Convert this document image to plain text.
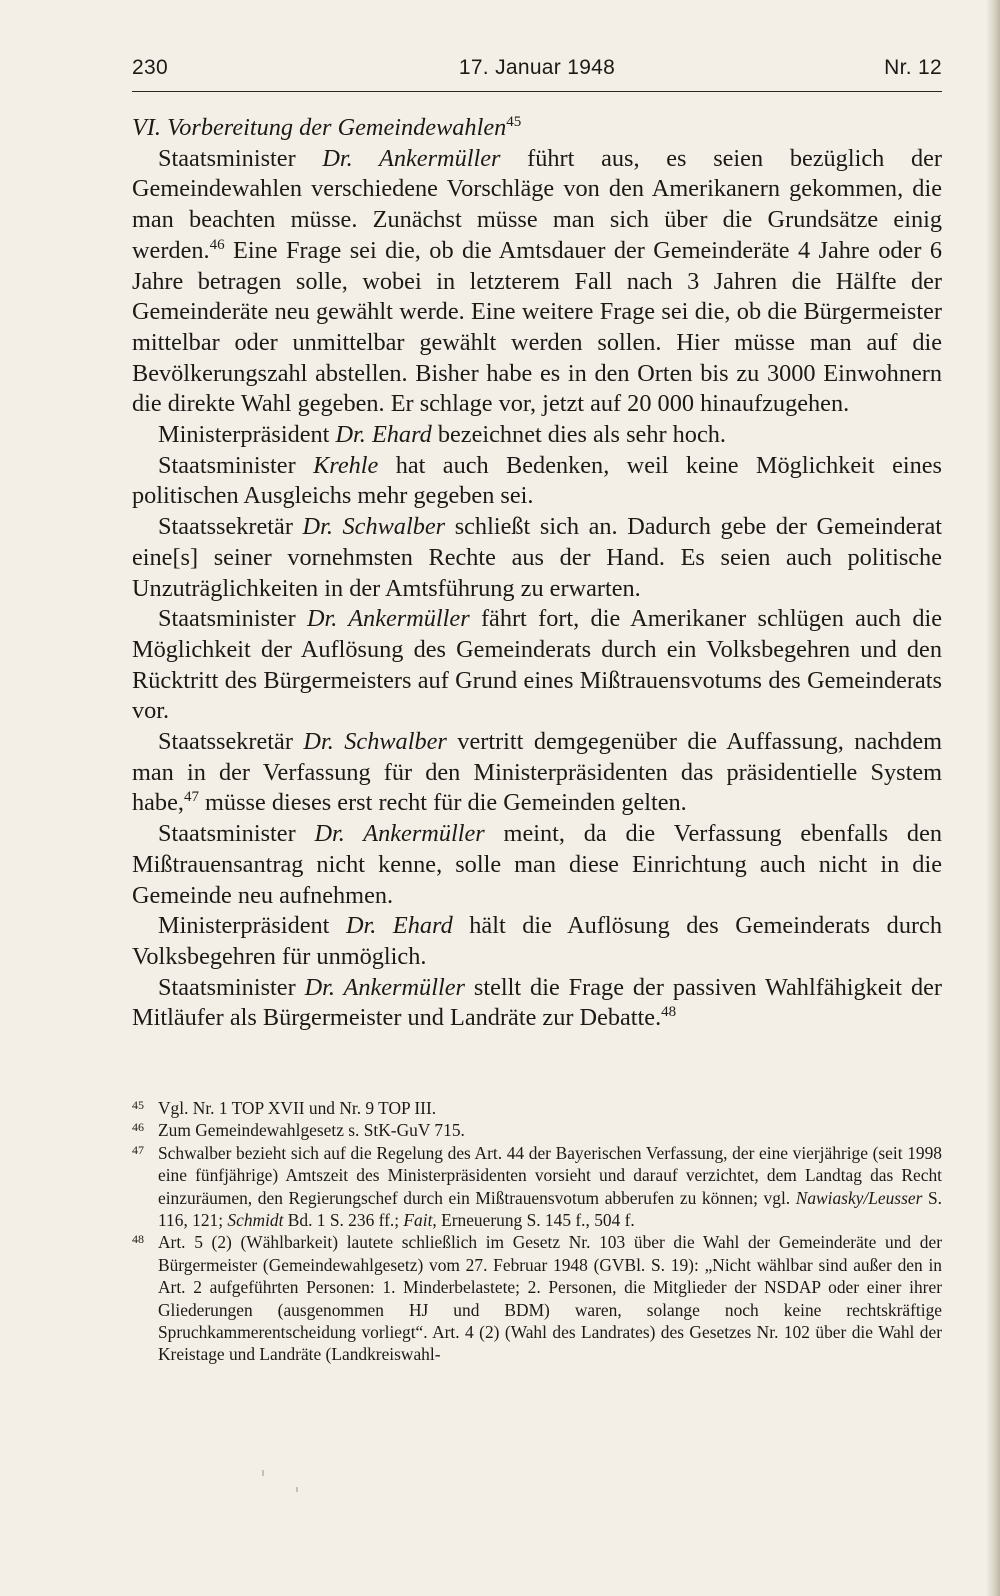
230	17. Januar 1948	Nr. 12

VI. Vorbereitung der Gemeindewahlen$^{45}$

Staatsminister Dr. Ankermüller führt aus, es seien bezüglich der Gemeindewahlen verschiedene Vorschläge von den Amerikanern gekommen, die man beachten müsse. Zunächst müsse man sich über die Grundsätze einig werden.$^{46}$ Eine Frage sei die, ob die Amtsdauer der Gemeinderäte 4 Jahre oder 6 Jahre betragen solle, wobei in letzterem Fall nach 3 Jahren die Hälfte der Gemeinderäte neu gewählt werde. Eine weitere Frage sei die, ob die Bürgermeister mittelbar oder unmittelbar gewählt werden sollen. Hier müsse man auf die Bevölkerungszahl abstellen. Bisher habe es in den Orten bis zu 3000 Einwohnern die direkte Wahl gegeben. Er schlage vor, jetzt auf 20 000 hinaufzugehen.

Ministerpräsident Dr. Ehard bezeichnet dies als sehr hoch.

Staatsminister Krehle hat auch Bedenken, weil keine Möglichkeit eines politischen Ausgleichs mehr gegeben sei.

Staatssekretär Dr. Schwalber schließt sich an. Dadurch gebe der Gemeinderat eine[s] seiner vornehmsten Rechte aus der Hand. Es seien auch politische Unzuträglichkeiten in der Amtsführung zu erwarten.

Staatsminister Dr. Ankermüller fährt fort, die Amerikaner schlügen auch die Möglichkeit der Auflösung des Gemeinderats durch ein Volksbegehren und den Rücktritt des Bürgermeisters auf Grund eines Mißtrauensvotums des Gemeinderats vor.

Staatssekretär Dr. Schwalber vertritt demgegenüber die Auffassung, nachdem man in der Verfassung für den Ministerpräsidenten das präsidentielle System habe,$^{47}$ müsse dieses erst recht für die Gemeinden gelten.

Staatsminister Dr. Ankermüller meint, da die Verfassung ebenfalls den Mißtrauensantrag nicht kenne, solle man diese Einrichtung auch nicht in die Gemeinde neu aufnehmen.

Ministerpräsident Dr. Ehard hält die Auflösung des Gemeinderats durch Volksbegehren für unmöglich.

Staatsminister Dr. Ankermüller stellt die Frage der passiven Wahlfähigkeit der Mitläufer als Bürgermeister und Landräte zur Debatte.$^{48}$

45 Vgl. Nr. 1 TOP XVII und Nr. 9 TOP III.
46 Zum Gemeindewahlgesetz s. StK-GuV 715.
47 Schwalber bezieht sich auf die Regelung des Art. 44 der Bayerischen Verfassung, der eine vierjährige (seit 1998 eine fünfjährige) Amtszeit des Ministerpräsidenten vorsieht und darauf verzichtet, dem Landtag das Recht einzuräumen, den Regierungschef durch ein Mißtrauensvotum abberufen zu können; vgl. Nawiasky/Leusser S. 116, 121; Schmidt Bd. 1 S. 236 ff.; Fait, Erneuerung S. 145 f., 504 f.
48 Art. 5 (2) (Wählbarkeit) lautete schließlich im Gesetz Nr. 103 über die Wahl der Gemeinderäte und der Bürgermeister (Gemeindewahlgesetz) vom 27. Februar 1948 (GVBl. S. 19): „Nicht wählbar sind außer den in Art. 2 aufgeführten Personen: 1. Minderbelastete; 2. Personen, die Mitglieder der NSDAP oder einer ihrer Gliederungen (ausgenommen HJ und BDM) waren, solange noch keine rechtskräftige Spruchkammerentscheidung vorliegt“. Art. 4 (2) (Wahl des Landrates) des Gesetzes Nr. 102 über die Wahl der Kreistage und Landräte (Landkreiswahl-
